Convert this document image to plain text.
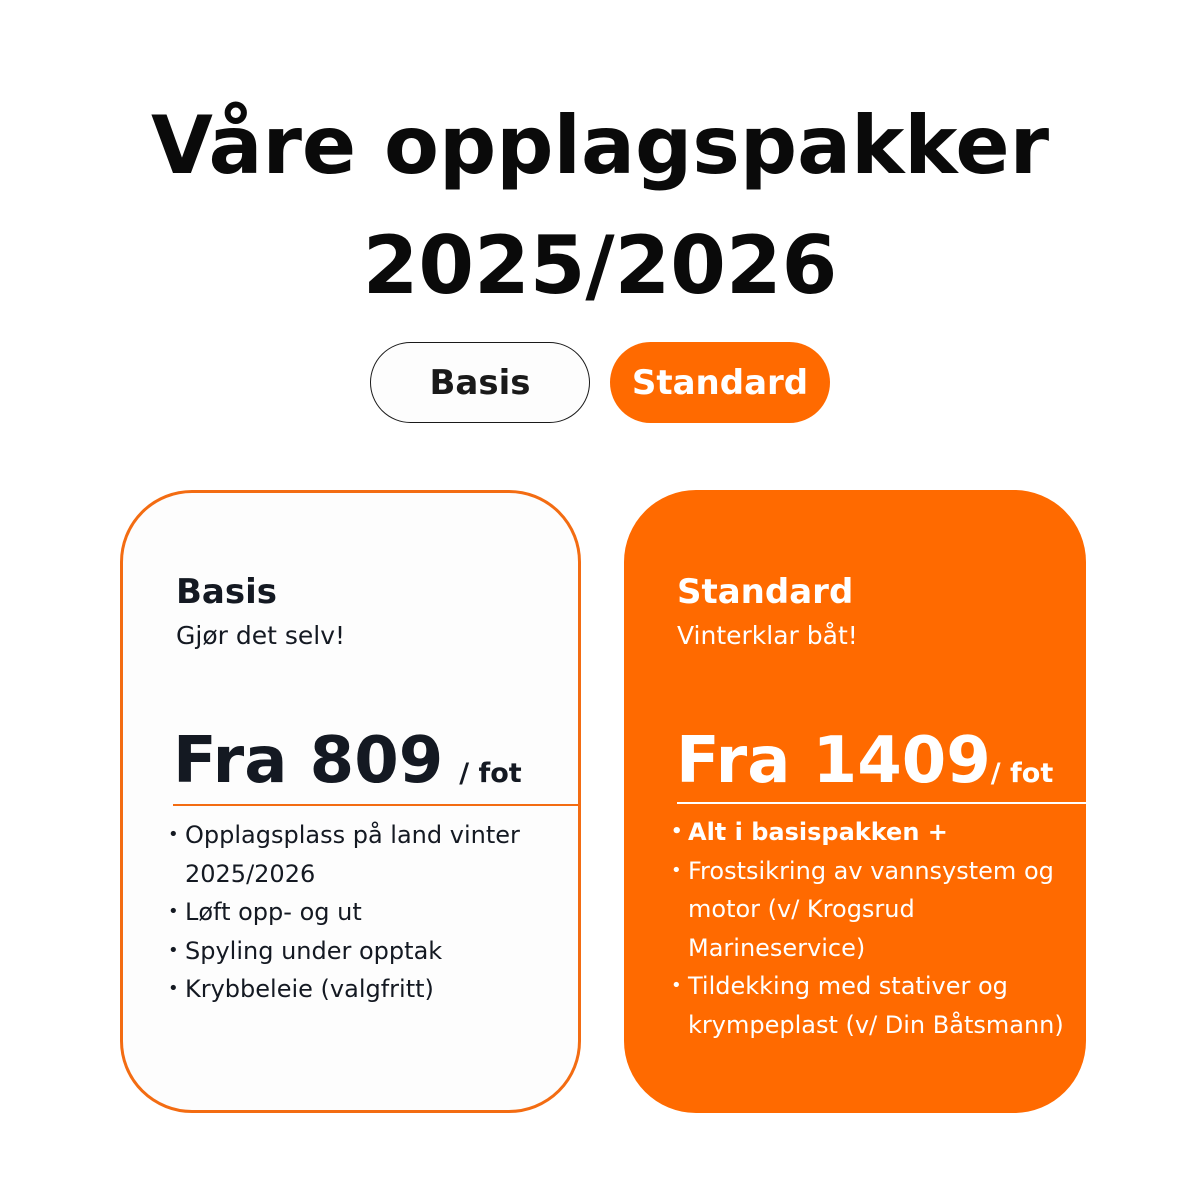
Våre opplagspakker
2025/2026
Basis	Standard
Basis
Gjør det selv!
Fra 809 / fot
• Opplagsplass på land vinter 2025/2026
• Løft opp- og ut
• Spyling under opptak
• Krybbeleie (valgfritt)
Standard
Vinterklar båt!
Fra 1409/ fot
• Alt i basispakken +
• Frostsikring av vannsystem og motor (v/ Krogsrud Marineservice)
• Tildekking med stativer og krympeplast (v/ Din Båtsmann)
